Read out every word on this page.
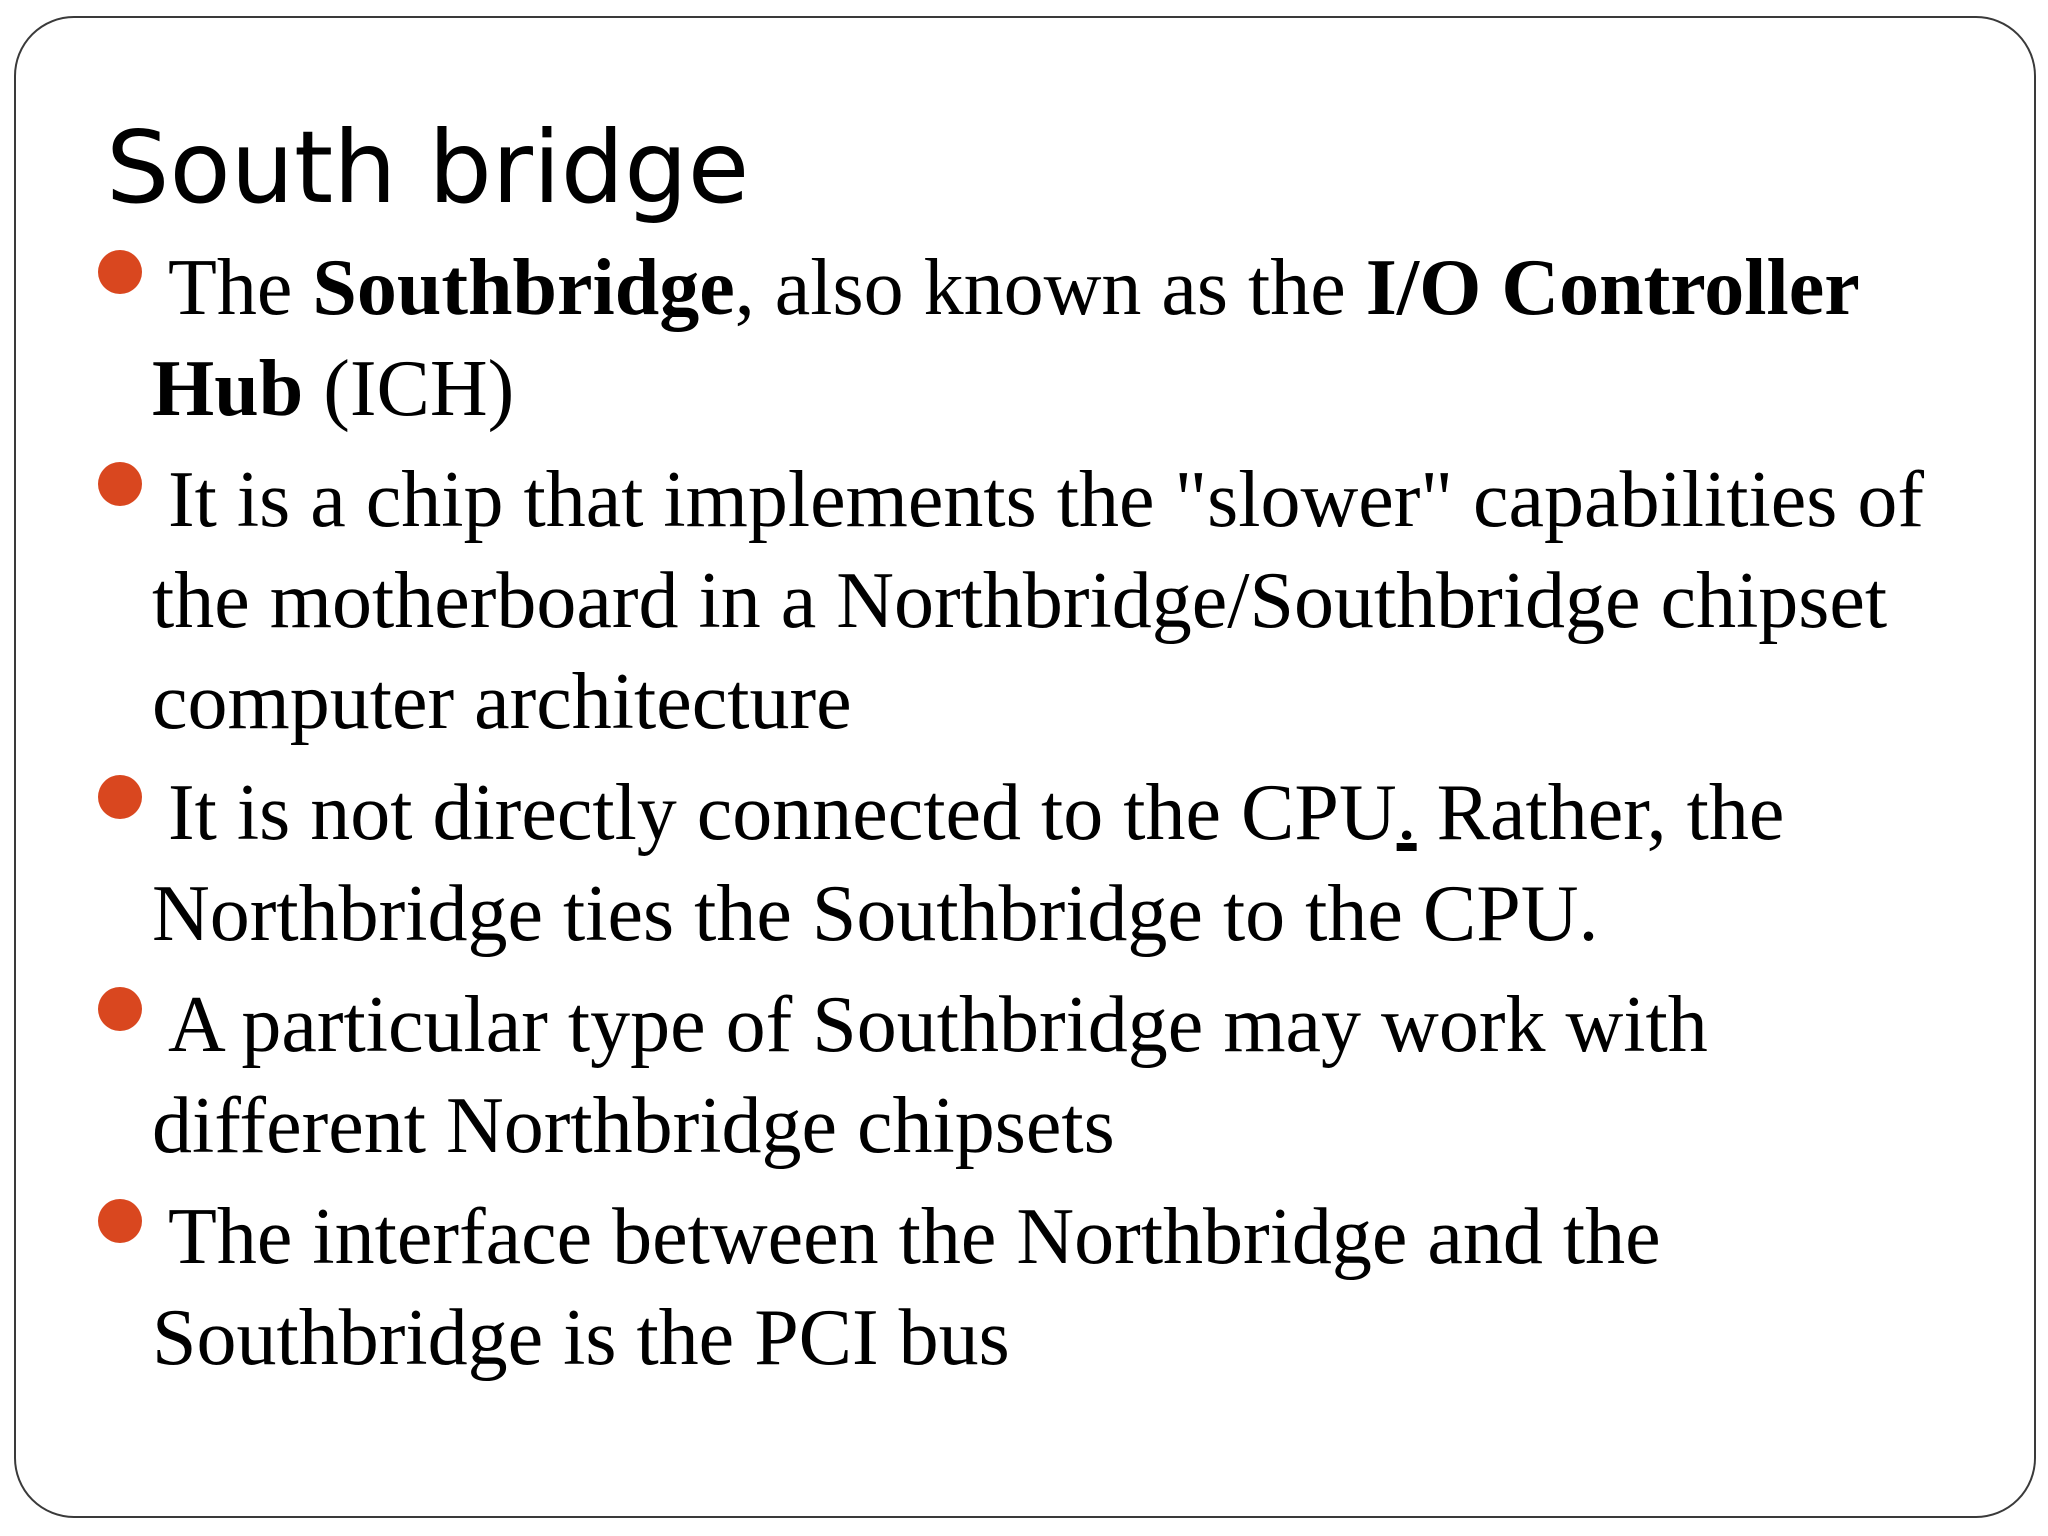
South bridge
The Southbridge, also known as the I/O Controller Hub (ICH)
It is a chip that implements the "slower" capabilities of the motherboard in a Northbridge/Southbridge chipset computer architecture
It is not directly connected to the CPU. Rather, the Northbridge ties the Southbridge to the CPU.
A particular type of Southbridge may work with different Northbridge chipsets
The interface between the Northbridge and the Southbridge is the PCI bus
